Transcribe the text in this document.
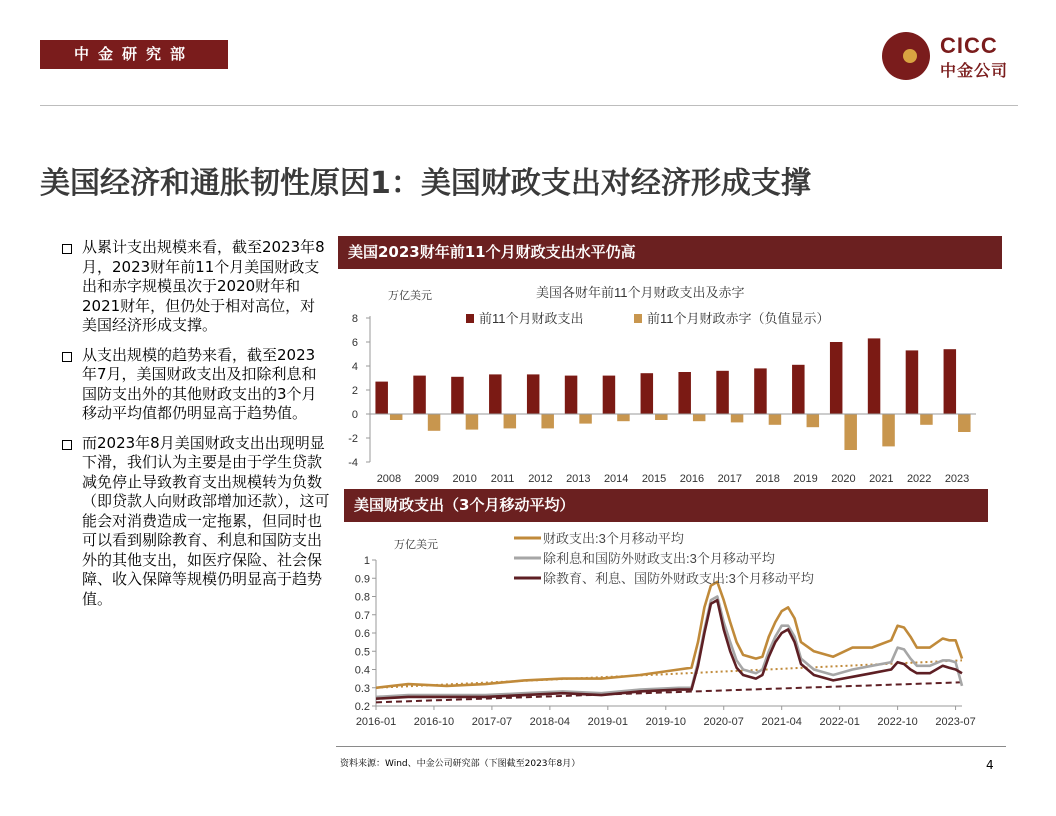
中金研究部	CICC
中金公司
美国经济和通胀韧性原因1：美国财政支出对经济形成支撑
从累计支出规模来看，截至2023年8月，2023财年前11个月美国财政支出和赤字规模虽次于2020财年和2021财年，但仍处于相对高位，对美国经济形成支撑。
从支出规模的趋势来看，截至2023年7月，美国财政支出及扣除利息和国防支出外的其他财政支出的3个月移动平均值都仍明显高于趋势值。
而2023年8月美国财政支出出现明显下滑，我们认为主要是由于学生贷款减免停止导致教育支出规模转为负数（即贷款人向财政部增加还款），这可能会对消费造成一定拖累，但同时也可以看到剔除教育、利息和国防支出外的其他支出，如医疗保险、社会保障、收入保障等规模仍明显高于趋势值。
美国2023财年前11个月财政支出水平仍高
万亿美元	美国各财年前11个月财政支出及赤字
前11个月财政支出	前11个月财政赤字（负值显示）
-4
-2
0
2
4
6
8
2008 2009 2010 2011 2012 2013 2014 2015 2016 2017 2018 2019 2020 2021 2022 2023
美国财政支出（3个月移动平均）
万亿美元
0.2
0.3
0.4
0.5
0.6
0.7
0.8
0.9
1
2016-01 2016-10 2017-07 2018-04 2019-01 2019-10 2020-07 2021-04 2022-01 2022-10 2023-07
财政支出:3个月移动平均
除利息和国防外财政支出:3个月移动平均
除教育、利息、国防外财政支出:3个月移动平均
资料来源：Wind、中金公司研究部（下图截至2023年8月）	4
